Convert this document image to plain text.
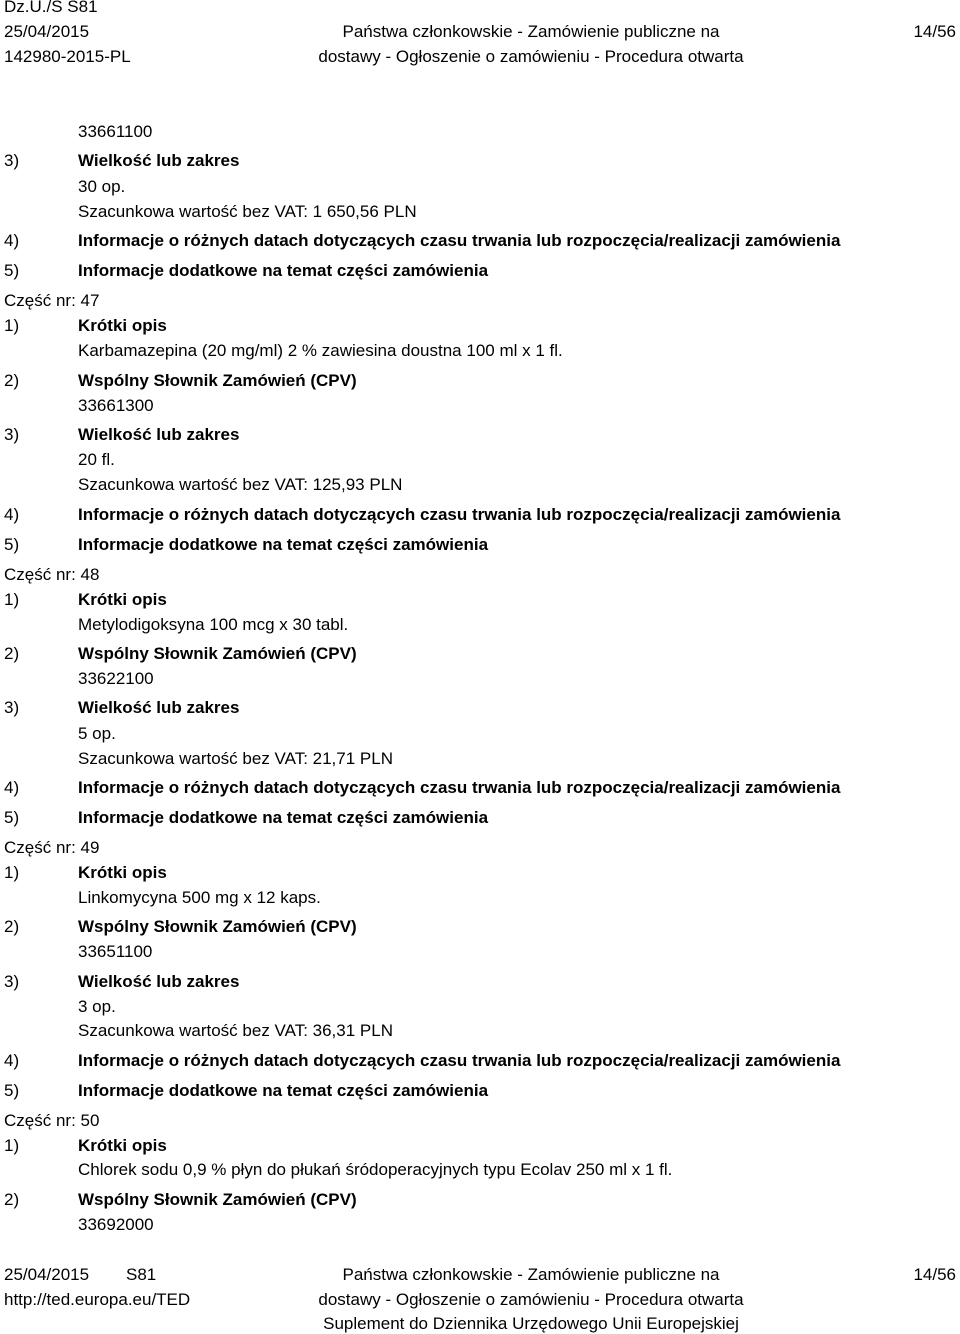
Dz.U./S S81
25/04/2015
142980-2015-PL
Państwa członkowskie - Zamówienie publiczne na
dostawy - Ogłoszenie o zamówieniu - Procedura otwarta
14/56
33661100
3)	Wielkość lub zakres
30 op.
Szacunkowa wartość bez VAT: 1 650,56 PLN
4)	Informacje o różnych datach dotyczących czasu trwania lub rozpoczęcia/realizacji zamówienia
5)	Informacje dodatkowe na temat części zamówienia
Część nr: 47
1)	Krótki opis
Karbamazepina (20 mg/ml) 2 % zawiesina doustna 100 ml x 1 fl.
2)	Wspólny Słownik Zamówień (CPV)
33661300
3)	Wielkość lub zakres
20 fl.
Szacunkowa wartość bez VAT: 125,93 PLN
4)	Informacje o różnych datach dotyczących czasu trwania lub rozpoczęcia/realizacji zamówienia
5)	Informacje dodatkowe na temat części zamówienia
Część nr: 48
1)	Krótki opis
Metylodigoksyna 100 mcg x 30 tabl.
2)	Wspólny Słownik Zamówień (CPV)
33622100
3)	Wielkość lub zakres
5 op.
Szacunkowa wartość bez VAT: 21,71 PLN
4)	Informacje o różnych datach dotyczących czasu trwania lub rozpoczęcia/realizacji zamówienia
5)	Informacje dodatkowe na temat części zamówienia
Część nr: 49
1)	Krótki opis
Linkomycyna 500 mg x 12 kaps.
2)	Wspólny Słownik Zamówień (CPV)
33651100
3)	Wielkość lub zakres
3 op.
Szacunkowa wartość bez VAT: 36,31 PLN
4)	Informacje o różnych datach dotyczących czasu trwania lub rozpoczęcia/realizacji zamówienia
5)	Informacje dodatkowe na temat części zamówienia
Część nr: 50
1)	Krótki opis
Chlorek sodu 0,9 % płyn do płukań śródoperacyjnych typu Ecolav 250 ml x 1 fl.
2)	Wspólny Słownik Zamówień (CPV)
33692000
25/04/2015 S81
http://ted.europa.eu/TED
Państwa członkowskie - Zamówienie publiczne na
dostawy - Ogłoszenie o zamówieniu - Procedura otwarta
Suplement do Dziennika Urzędowego Unii Europejskiej
14/56
